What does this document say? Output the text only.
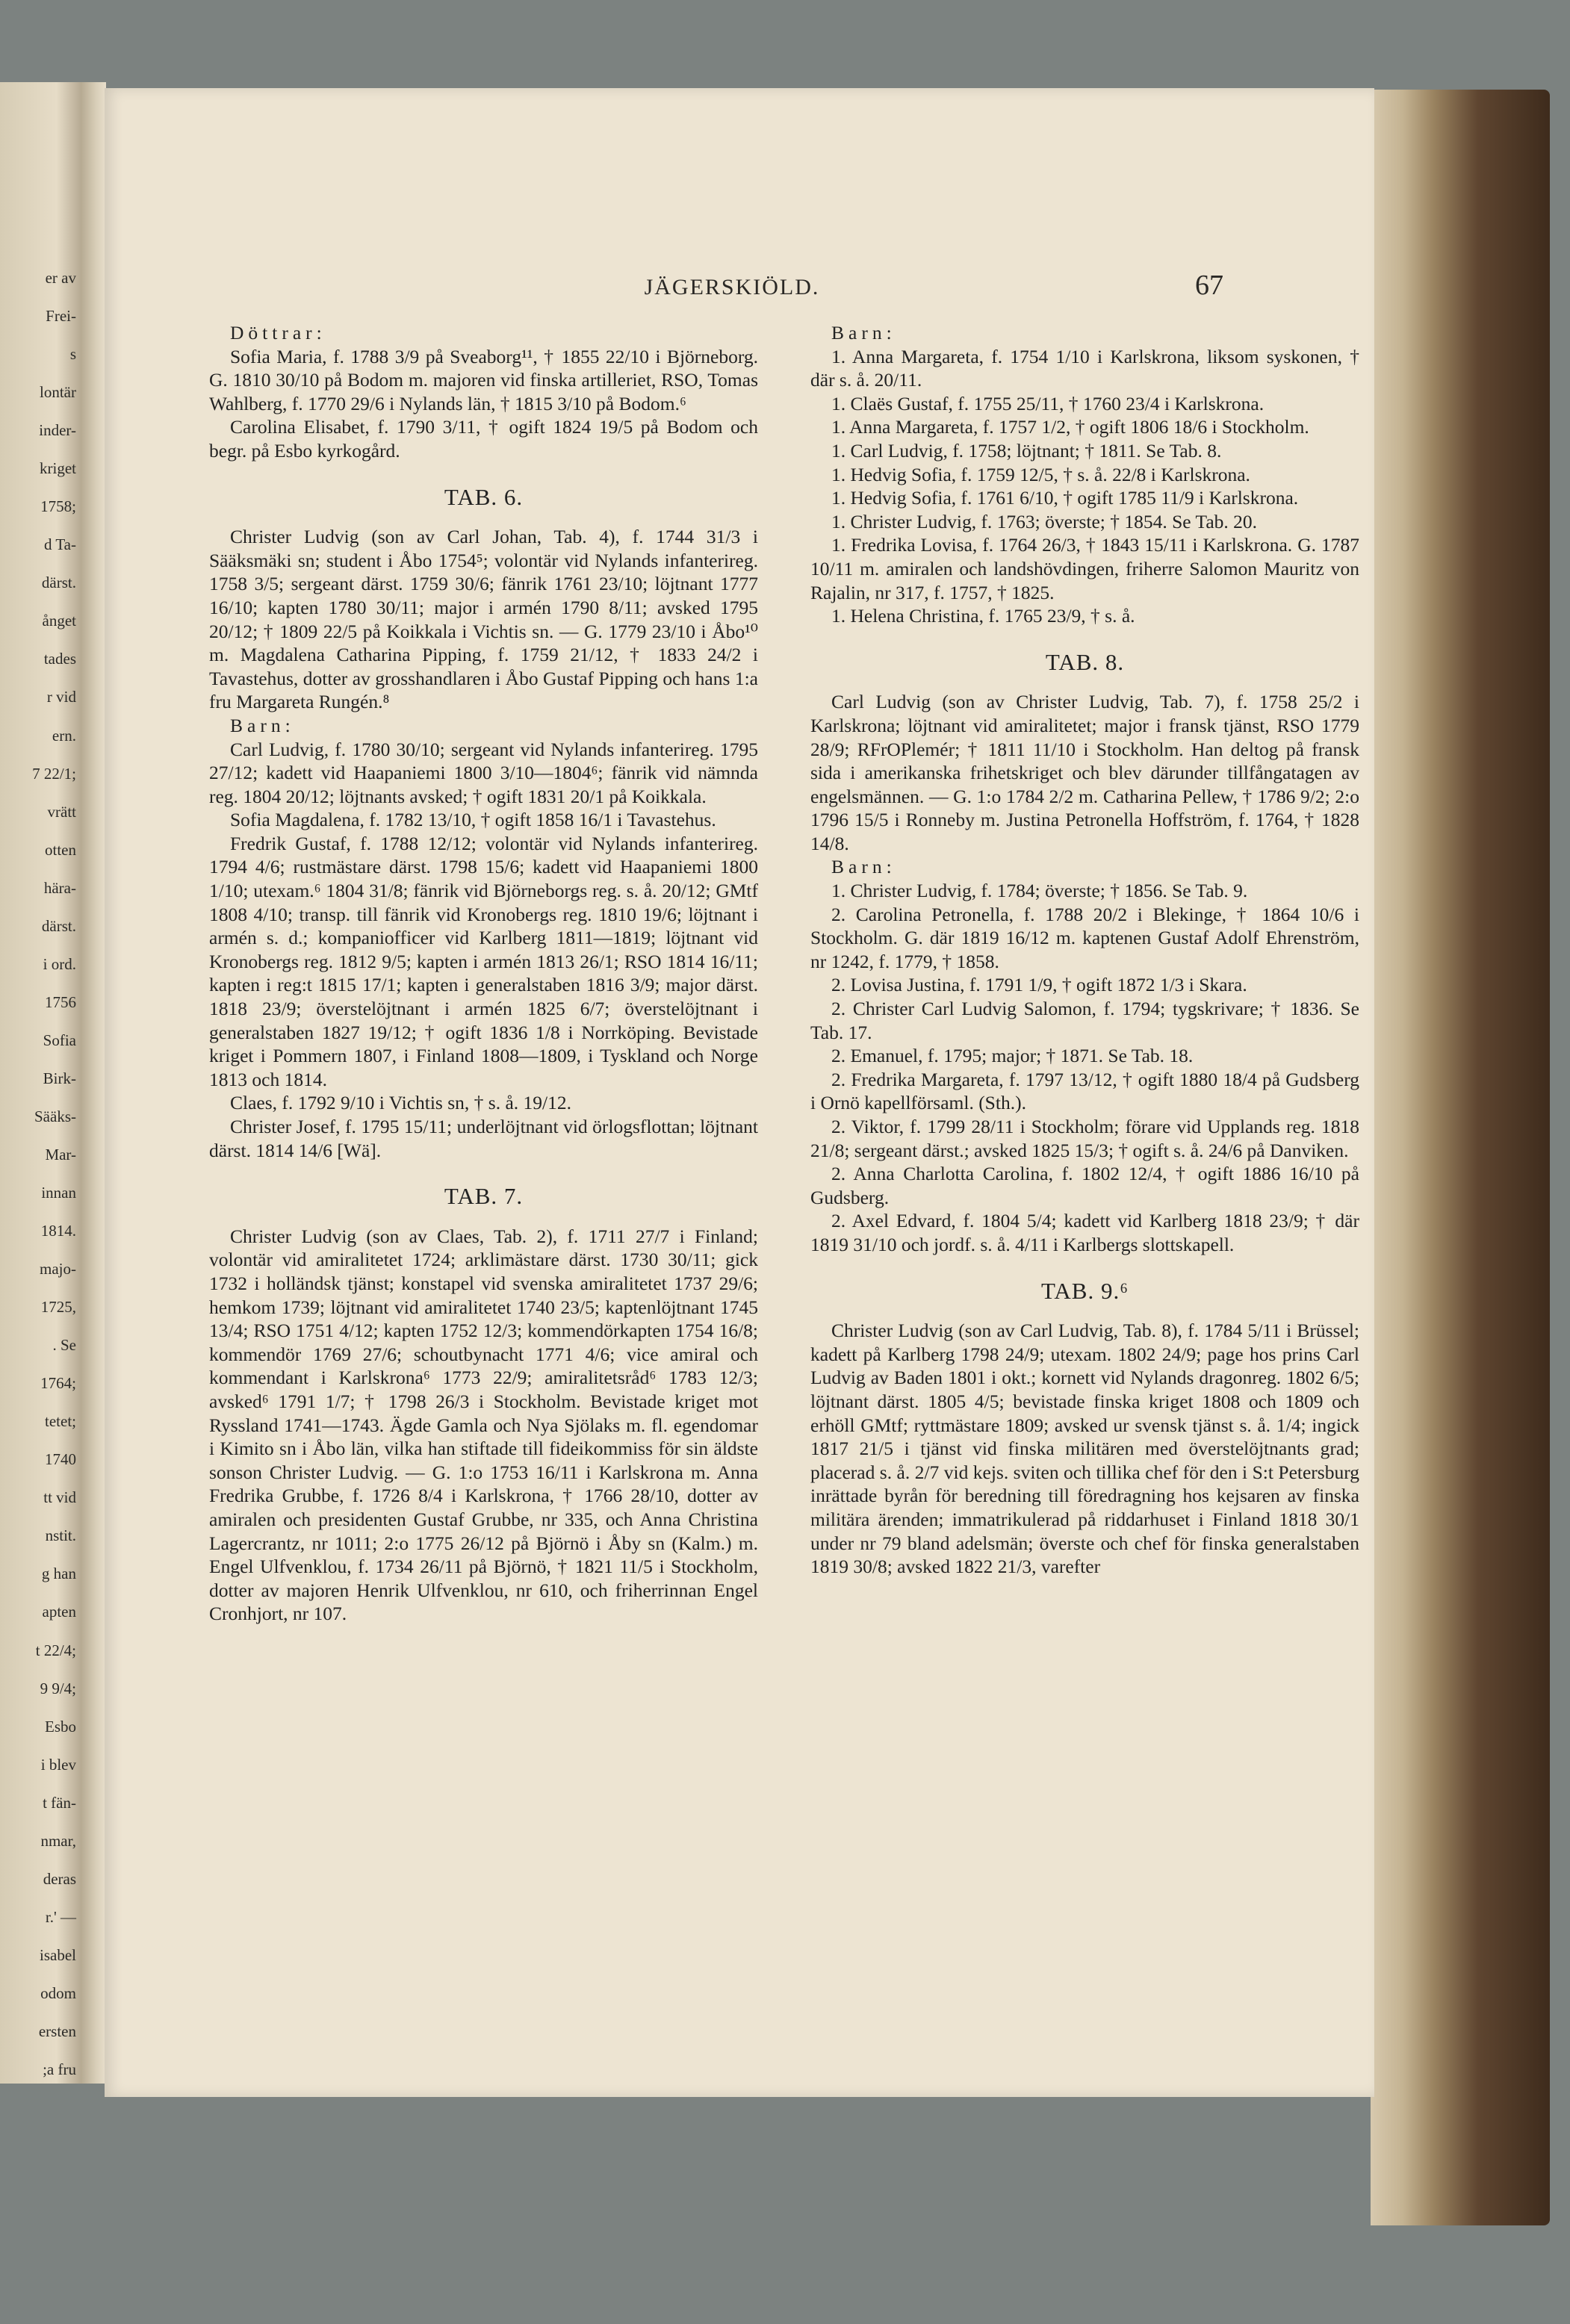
er av
Frei-
s
lontär
inder-
kriget
1758;
d Ta-
därst.
ånget
tades
r vid
ern.
7 22/1;
vrätt
otten
hära-
därst.
i ord.
1756
Sofia
Birk-
Sääks-
Mar-
innan
1814.
majo-
1725,
. Se
1764;
tetet;
1740
tt vid
nstit.
g han
apten
t 22/4;
9 9/4;
Esbo
i blev
t fän-
nmar,
deras
r.' —
isabel
odom
ersten
;a fru
JÄGERSKIÖLD.	67

Döttrar:

Sofia Maria, f. 1788 3/9 på Sveaborg¹¹, † 1855 22/10 i Björneborg. G. 1810 30/10 på Bodom m. majoren vid finska artilleriet, RSO, Tomas Wahlberg, f. 1770 29/6 i Nylands län, † 1815 3/10 på Bodom.⁶

Carolina Elisabet, f. 1790 3/11, † ogift 1824 19/5 på Bodom och begr. på Esbo kyrkogård.

TAB. 6.

Christer Ludvig (son av Carl Johan, Tab. 4), f. 1744 31/3 i Sääksmäki sn; student i Åbo 1754⁵; volontär vid Nylands infanterireg. 1758 3/5; sergeant därst. 1759 30/6; fänrik 1761 23/10; löjtnant 1777 16/10; kapten 1780 30/11; major i armén 1790 8/11; avsked 1795 20/12; † 1809 22/5 på Koikkala i Vichtis sn. — G. 1779 23/10 i Åbo¹⁰ m. Magdalena Catharina Pipping, f. 1759 21/12, † 1833 24/2 i Tavastehus, dotter av grosshandlaren i Åbo Gustaf Pipping och hans 1:a fru Margareta Rungén.⁸

Barn:

Carl Ludvig, f. 1780 30/10; sergeant vid Nylands infanterireg. 1795 27/12; kadett vid Haapaniemi 1800 3/10—1804⁶; fänrik vid nämnda reg. 1804 20/12; löjtnants avsked; † ogift 1831 20/1 på Koikkala.

Sofia Magdalena, f. 1782 13/10, † ogift 1858 16/1 i Tavastehus.

Fredrik Gustaf, f. 1788 12/12; volontär vid Nylands infanterireg. 1794 4/6; rustmästare därst. 1798 15/6; kadett vid Haapaniemi 1800 1/10; utexam.⁶ 1804 31/8; fänrik vid Björneborgs reg. s. å. 20/12; GMtf 1808 4/10; transp. till fänrik vid Kronobergs reg. 1810 19/6; löjtnant i armén s. d.; kompaniofficer vid Karlberg 1811—1819; löjtnant vid Kronobergs reg. 1812 9/5; kapten i armén 1813 26/1; RSO 1814 16/11; kapten i reg:t 1815 17/1; kapten i generalstaben 1816 3/9; major därst. 1818 23/9; överstelöjtnant i armén 1825 6/7; överstelöjtnant i generalstaben 1827 19/12; † ogift 1836 1/8 i Norrköping. Bevistade kriget i Pommern 1807, i Finland 1808—1809, i Tyskland och Norge 1813 och 1814.

Claes, f. 1792 9/10 i Vichtis sn, † s. å. 19/12.

Christer Josef, f. 1795 15/11; underlöjtnant vid örlogsflottan; löjtnant därst. 1814 14/6 [Wä].

TAB. 7.

Christer Ludvig (son av Claes, Tab. 2), f. 1711 27/7 i Finland; volontär vid amiralitetet 1724; arklimästare därst. 1730 30/11; gick 1732 i holländsk tjänst; konstapel vid svenska amiralitetet 1737 29/6; hemkom 1739; löjtnant vid amiralitetet 1740 23/5; kaptenlöjtnant 1745 13/4; RSO 1751 4/12; kapten 1752 12/3; kommendörkapten 1754 16/8; kommendör 1769 27/6; schoutbynacht 1771 4/6; vice amiral och kommendant i Karlskrona⁶ 1773 22/9; amiralitetsråd⁶ 1783 12/3; avsked⁶ 1791 1/7; † 1798 26/3 i Stockholm. Bevistade kriget mot Ryssland 1741—1743. Ägde Gamla och Nya Sjölaks m. fl. egendomar i Kimito sn i Åbo län, vilka han stiftade till fideikommiss för sin äldste sonson Christer Ludvig. — G. 1:o 1753 16/11 i Karlskrona m. Anna Fredrika Grubbe, f. 1726 8/4 i Karlskrona, † 1766 28/10, dotter av amiralen och presidenten Gustaf Grubbe, nr 335, och Anna Christina Lagercrantz, nr 1011; 2:o 1775 26/12 på Björnö i Åby sn (Kalm.) m. Engel Ulfvenklou, f. 1734 26/11 på Björnö, † 1821 11/5 i Stockholm, dotter av majoren Henrik Ulfvenklou, nr 610, och friherrinnan Engel Cronhjort, nr 107.

Barn:

1. Anna Margareta, f. 1754 1/10 i Karlskrona, liksom syskonen, † där s. å. 20/11.

1. Claës Gustaf, f. 1755 25/11, † 1760 23/4 i Karlskrona.

1. Anna Margareta, f. 1757 1/2, † ogift 1806 18/6 i Stockholm.

1. Carl Ludvig, f. 1758; löjtnant; † 1811. Se Tab. 8.

1. Hedvig Sofia, f. 1759 12/5, † s. å. 22/8 i Karlskrona.

1. Hedvig Sofia, f. 1761 6/10, † ogift 1785 11/9 i Karlskrona.

1. Christer Ludvig, f. 1763; överste; † 1854. Se Tab. 20.

1. Fredrika Lovisa, f. 1764 26/3, † 1843 15/11 i Karlskrona. G. 1787 10/11 m. amiralen och landshövdingen, friherre Salomon Mauritz von Rajalin, nr 317, f. 1757, † 1825.

1. Helena Christina, f. 1765 23/9, † s. å.

TAB. 8.

Carl Ludvig (son av Christer Ludvig, Tab. 7), f. 1758 25/2 i Karlskrona; löjtnant vid amiralitetet; major i fransk tjänst, RSO 1779 28/9; RFrOPlemér; † 1811 11/10 i Stockholm. Han deltog på fransk sida i amerikanska frihetskriget och blev därunder tillfångatagen av engelsmännen. — G. 1:o 1784 2/2 m. Catharina Pellew, † 1786 9/2; 2:o 1796 15/5 i Ronneby m. Justina Petronella Hoffström, f. 1764, † 1828 14/8.

Barn:

1. Christer Ludvig, f. 1784; överste; † 1856. Se Tab. 9.

2. Carolina Petronella, f. 1788 20/2 i Blekinge, † 1864 10/6 i Stockholm. G. där 1819 16/12 m. kaptenen Gustaf Adolf Ehrenström, nr 1242, f. 1779, † 1858.

2. Lovisa Justina, f. 1791 1/9, † ogift 1872 1/3 i Skara.

2. Christer Carl Ludvig Salomon, f. 1794; tygskrivare; † 1836. Se Tab. 17.

2. Emanuel, f. 1795; major; † 1871. Se Tab. 18.

2. Fredrika Margareta, f. 1797 13/12, † ogift 1880 18/4 på Gudsberg i Ornö kapellförsaml. (Sth.).

2. Viktor, f. 1799 28/11 i Stockholm; förare vid Upplands reg. 1818 21/8; sergeant därst.; avsked 1825 15/3; † ogift s. å. 24/6 på Danviken.

2. Anna Charlotta Carolina, f. 1802 12/4, † ogift 1886 16/10 på Gudsberg.

2. Axel Edvard, f. 1804 5/4; kadett vid Karlberg 1818 23/9; † där 1819 31/10 och jordf. s. å. 4/11 i Karlbergs slottskapell.

TAB. 9.⁶

Christer Ludvig (son av Carl Ludvig, Tab. 8), f. 1784 5/11 i Brüssel; kadett på Karlberg 1798 24/9; utexam. 1802 24/9; page hos prins Carl Ludvig av Baden 1801 i okt.; kornett vid Nylands dragonreg. 1802 6/5; löjtnant därst. 1805 4/5; bevistade finska kriget 1808 och 1809 och erhöll GMtf; ryttmästare 1809; avsked ur svensk tjänst s. å. 1/4; ingick 1817 21/5 i tjänst vid finska militären med överstelöjtnants grad; placerad s. å. 2/7 vid kejs. sviten och tillika chef för den i S:t Petersburg inrättade byrån för beredning till föredragning hos kejsaren av finska militära ärenden; immatrikulerad på riddarhuset i Finland 1818 30/1 under nr 79 bland adelsmän; överste och chef för finska generalstaben 1819 30/8; avsked 1822 21/3, varefter
